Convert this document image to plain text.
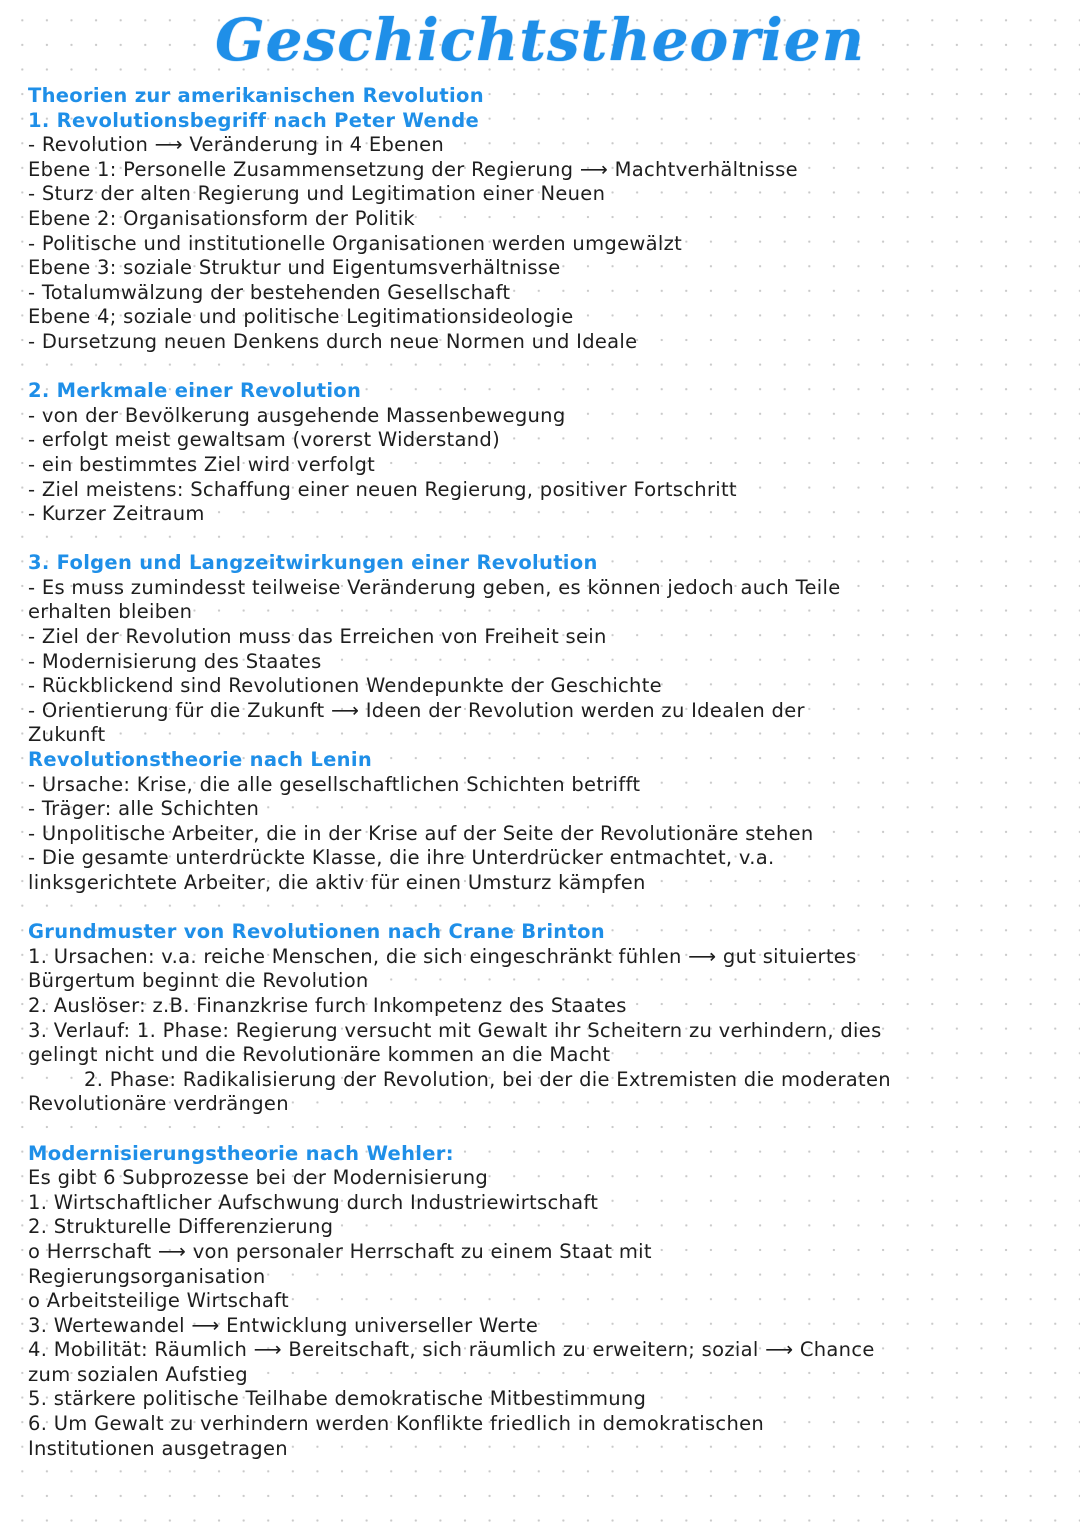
Geschichtstheorien
Theorien zur amerikanischen Revolution
1. Revolutionsbegriff nach Peter Wende
- Revolution ⟶ Veränderung in 4 Ebenen
Ebene 1: Personelle Zusammensetzung der Regierung ⟶ Machtverhältnisse
- Sturz der alten Regierung und Legitimation einer Neuen
Ebene 2: Organisationsform der Politik
- Politische und institutionelle Organisationen werden umgewälzt
Ebene 3: soziale Struktur und Eigentumsverhältnisse
- Totalumwälzung der bestehenden Gesellschaft
Ebene 4; soziale und politische Legitimationsideologie
- Dursetzung neuen Denkens durch neue Normen und Ideale
2. Merkmale einer Revolution
- von der Bevölkerung ausgehende Massenbewegung
- erfolgt meist gewaltsam (vorerst Widerstand)
- ein bestimmtes Ziel wird verfolgt
- Ziel meistens: Schaffung einer neuen Regierung, positiver Fortschritt
- Kurzer Zeitraum
3. Folgen und Langzeitwirkungen einer Revolution
- Es muss zumindesst teilweise Veränderung geben, es können jedoch auch Teile
erhalten bleiben
- Ziel der Revolution muss das Erreichen von Freiheit sein
- Modernisierung des Staates
- Rückblickend sind Revolutionen Wendepunkte der Geschichte
- Orientierung für die Zukunft ⟶ Ideen der Revolution werden zu Idealen der
Zukunft
Revolutionstheorie nach Lenin
- Ursache: Krise, die alle gesellschaftlichen Schichten betrifft
- Träger: alle Schichten
- Unpolitische Arbeiter, die in der Krise auf der Seite der Revolutionäre stehen
- Die gesamte unterdrückte Klasse, die ihre Unterdrücker entmachtet, v.a.
linksgerichtete Arbeiter, die aktiv für einen Umsturz kämpfen
Grundmuster von Revolutionen nach Crane Brinton
1. Ursachen: v.a. reiche Menschen, die sich eingeschränkt fühlen ⟶ gut situiertes
Bürgertum beginnt die Revolution
2. Auslöser: z.B. Finanzkrise furch Inkompetenz des Staates
3. Verlauf: 1. Phase: Regierung versucht mit Gewalt ihr Scheitern zu verhindern, dies
gelingt nicht und die Revolutionäre kommen an die Macht
2. Phase: Radikalisierung der Revolution, bei der die Extremisten die moderaten
Revolutionäre verdrängen
Modernisierungstheorie nach Wehler:
Es gibt 6 Subprozesse bei der Modernisierung
1. Wirtschaftlicher Aufschwung durch Industriewirtschaft
2. Strukturelle Differenzierung
o Herrschaft ⟶ von personaler Herrschaft zu einem Staat mit
Regierungsorganisation
o Arbeitsteilige Wirtschaft
3. Wertewandel ⟶ Entwicklung universeller Werte
4. Mobilität: Räumlich ⟶ Bereitschaft, sich räumlich zu erweitern; sozial ⟶ Chance
zum sozialen Aufstieg
5. stärkere politische Teilhabe demokratische Mitbestimmung
6. Um Gewalt zu verhindern werden Konflikte friedlich in demokratischen
Institutionen ausgetragen
